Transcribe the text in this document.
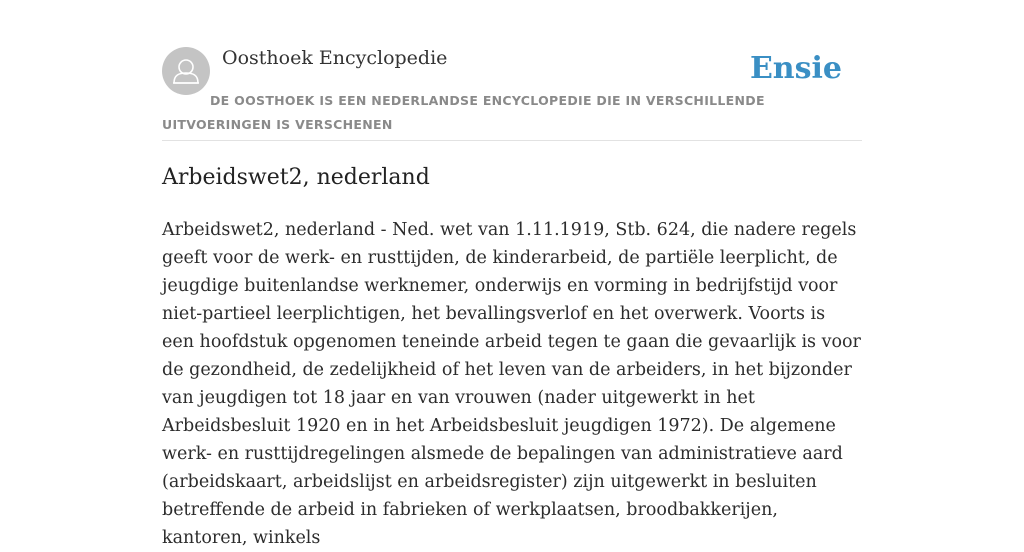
Oosthoek Encyclopedie	Ensie
DE OOSTHOEK IS EEN NEDERLANDSE ENCYCLOPEDIE DIE IN VERSCHILLENDE UITVOERINGEN IS VERSCHENEN
Arbeidswet2, nederland

Arbeidswet2, nederland - Ned. wet van 1.11.1919, Stb. 624, die nadere regels geeft voor de werk- en rusttijden, de kinderarbeid, de partiële leerplicht, de jeugdige buitenlandse werknemer, onderwijs en vorming in bedrijfstijd voor niet-partieel leerplichtigen, het bevallingsverlof en het overwerk. Voorts is een hoofdstuk opgenomen teneinde arbeid tegen te gaan die gevaarlijk is voor de gezondheid, de zedelijkheid of het leven van de arbeiders, in het bijzonder van jeugdigen tot 18 jaar en van vrouwen (nader uitgewerkt in het Arbeidsbesluit 1920 en in het Arbeidsbesluit jeugdigen 1972). De algemene werk- en rusttijdregelingen alsmede de bepalingen van administratieve aard (arbeidskaart, arbeidslijst en arbeidsregister) zijn uitgewerkt in besluiten betreffende de arbeid in fabrieken of werkplaatsen, broodbakkerijen, kantoren, winkels
